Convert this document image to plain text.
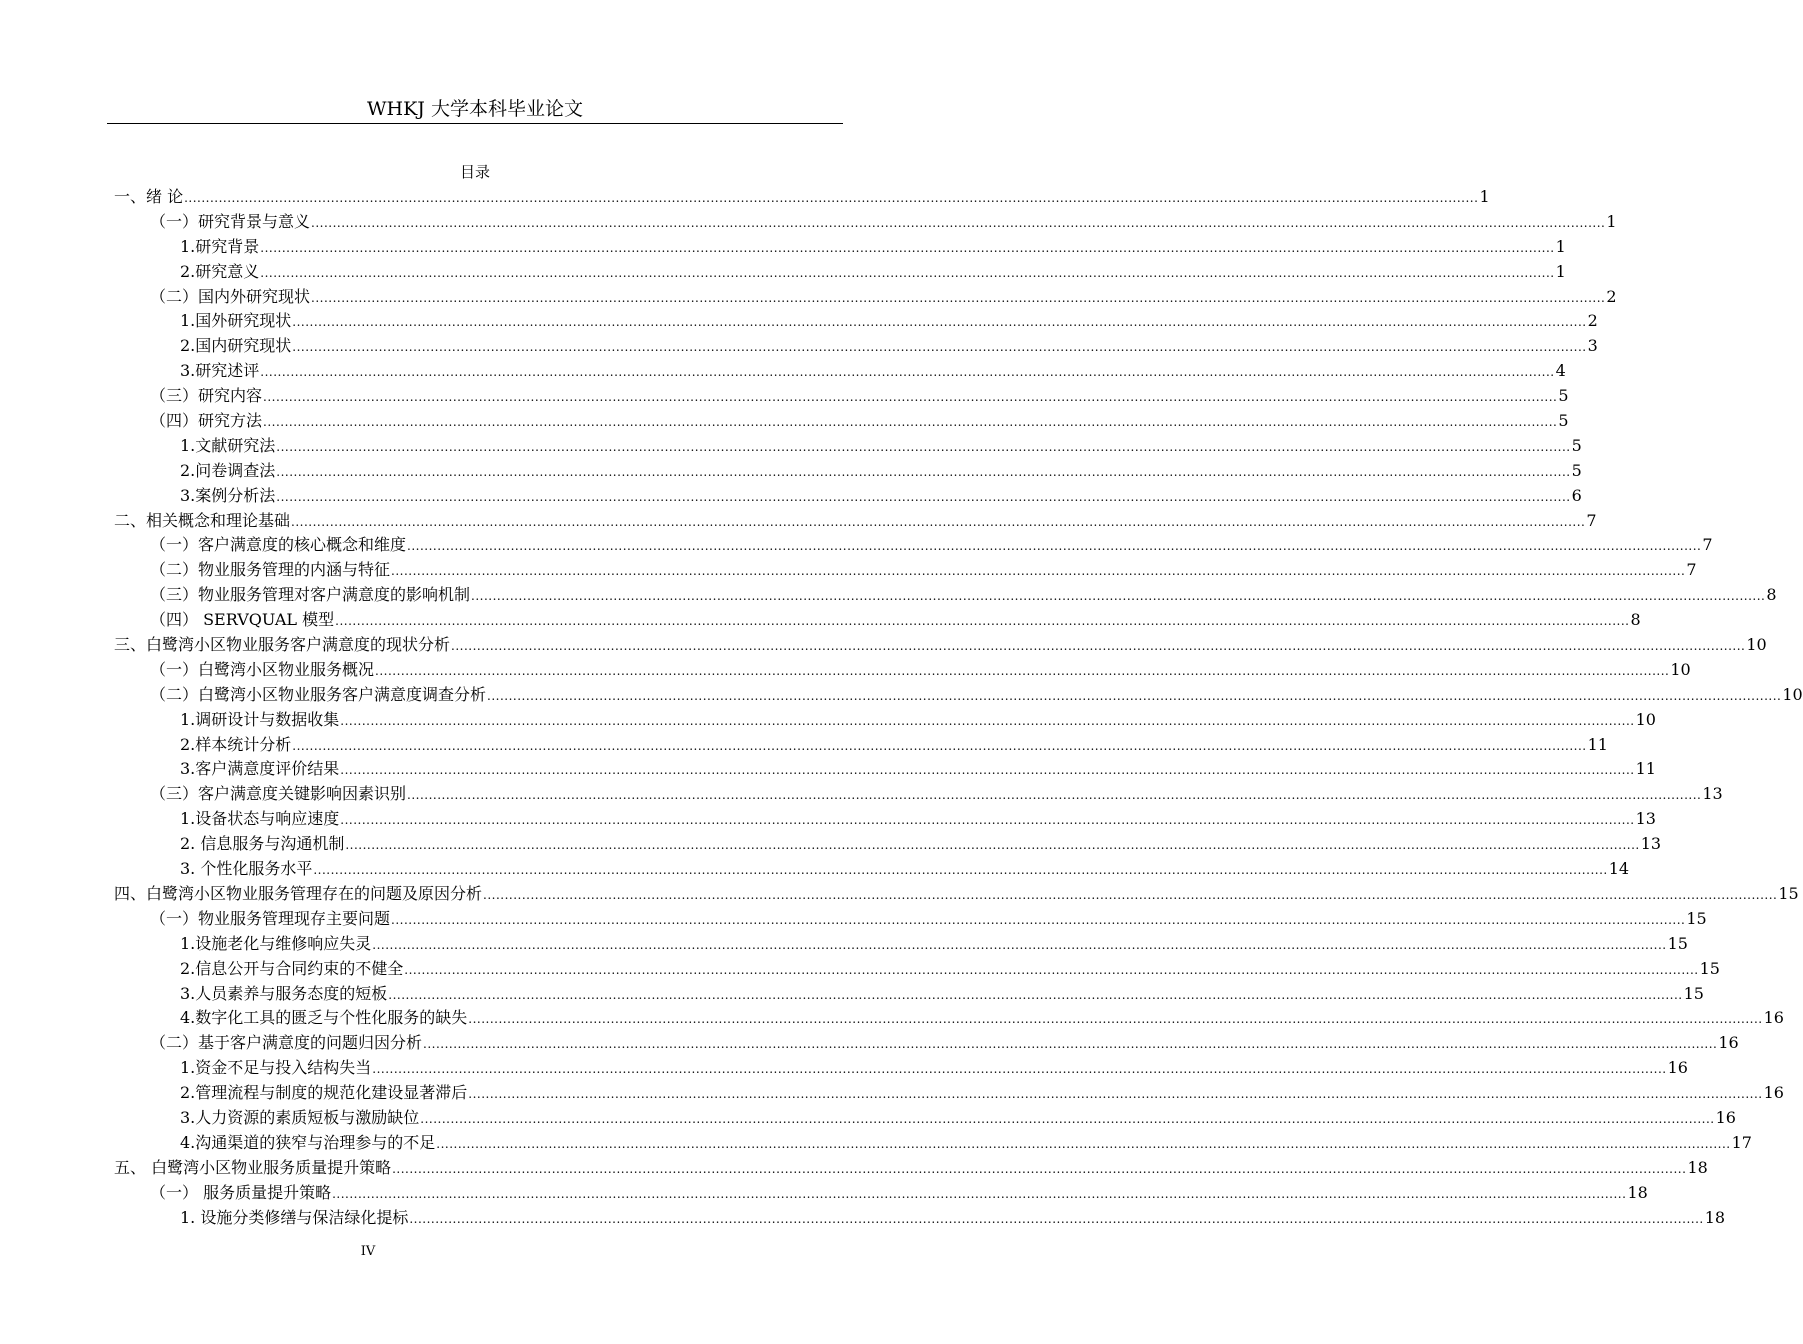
WHKJ 大学本科毕业论文
目录
一、绪 论 ............................................................................................................................................................................................................................................................................................................ 1
（一）研究背景与意义 ............................................................................................................................................................................................................................................................................................................ 1
1.研究背景 ............................................................................................................................................................................................................................................................................................................ 1
2.研究意义 ............................................................................................................................................................................................................................................................................................................ 1
（二）国内外研究现状 ............................................................................................................................................................................................................................................................................................................ 2
1.国外研究现状 ............................................................................................................................................................................................................................................................................................................ 2
2.国内研究现状 ............................................................................................................................................................................................................................................................................................................ 3
3.研究述评 ............................................................................................................................................................................................................................................................................................................ 4
（三）研究内容 ............................................................................................................................................................................................................................................................................................................ 5
（四）研究方法 ............................................................................................................................................................................................................................................................................................................ 5
1.文献研究法 ............................................................................................................................................................................................................................................................................................................ 5
2.问卷调查法 ............................................................................................................................................................................................................................................................................................................ 5
3.案例分析法 ............................................................................................................................................................................................................................................................................................................ 6
二、相关概念和理论基础 ............................................................................................................................................................................................................................................................................................................ 7
（一）客户满意度的核心概念和维度 ............................................................................................................................................................................................................................................................................................................ 7
（二）物业服务管理的内涵与特征 ............................................................................................................................................................................................................................................................................................................ 7
（三）物业服务管理对客户满意度的影响机制 ............................................................................................................................................................................................................................................................................................................ 8
（四） SERVQUAL 模型 ............................................................................................................................................................................................................................................................................................................ 8
三、白鹭湾小区物业服务客户满意度的现状分析 ............................................................................................................................................................................................................................................................................................................ 10
（一）白鹭湾小区物业服务概况 ............................................................................................................................................................................................................................................................................................................ 10
（二）白鹭湾小区物业服务客户满意度调查分析 ............................................................................................................................................................................................................................................................................................................ 10
1.调研设计与数据收集 ............................................................................................................................................................................................................................................................................................................ 10
2.样本统计分析 ............................................................................................................................................................................................................................................................................................................ 11
3.客户满意度评价结果 ............................................................................................................................................................................................................................................................................................................ 11
（三）客户满意度关键影响因素识别 ............................................................................................................................................................................................................................................................................................................ 13
1.设备状态与响应速度 ............................................................................................................................................................................................................................................................................................................ 13
2. 信息服务与沟通机制 ............................................................................................................................................................................................................................................................................................................ 13
3. 个性化服务水平 ............................................................................................................................................................................................................................................................................................................ 14
四、白鹭湾小区物业服务管理存在的问题及原因分析 ............................................................................................................................................................................................................................................................................................................ 15
（一）物业服务管理现存主要问题 ............................................................................................................................................................................................................................................................................................................ 15
1.设施老化与维修响应失灵 ............................................................................................................................................................................................................................................................................................................ 15
2.信息公开与合同约束的不健全 ............................................................................................................................................................................................................................................................................................................ 15
3.人员素养与服务态度的短板 ............................................................................................................................................................................................................................................................................................................ 15
4.数字化工具的匮乏与个性化服务的缺失 ............................................................................................................................................................................................................................................................................................................ 16
（二）基于客户满意度的问题归因分析 ............................................................................................................................................................................................................................................................................................................ 16
1.资金不足与投入结构失当 ............................................................................................................................................................................................................................................................................................................ 16
2.管理流程与制度的规范化建设显著滞后 ............................................................................................................................................................................................................................................................................................................ 16
3.人力资源的素质短板与激励缺位 ............................................................................................................................................................................................................................................................................................................ 16
4.沟通渠道的狭窄与治理参与的不足 ............................................................................................................................................................................................................................................................................................................ 17
五、 白鹭湾小区物业服务质量提升策略 ............................................................................................................................................................................................................................................................................................................ 18
（一） 服务质量提升策略 ............................................................................................................................................................................................................................................................................................................ 18
1. 设施分类修缮与保洁绿化提标 ............................................................................................................................................................................................................................................................................................................ 18
IV
